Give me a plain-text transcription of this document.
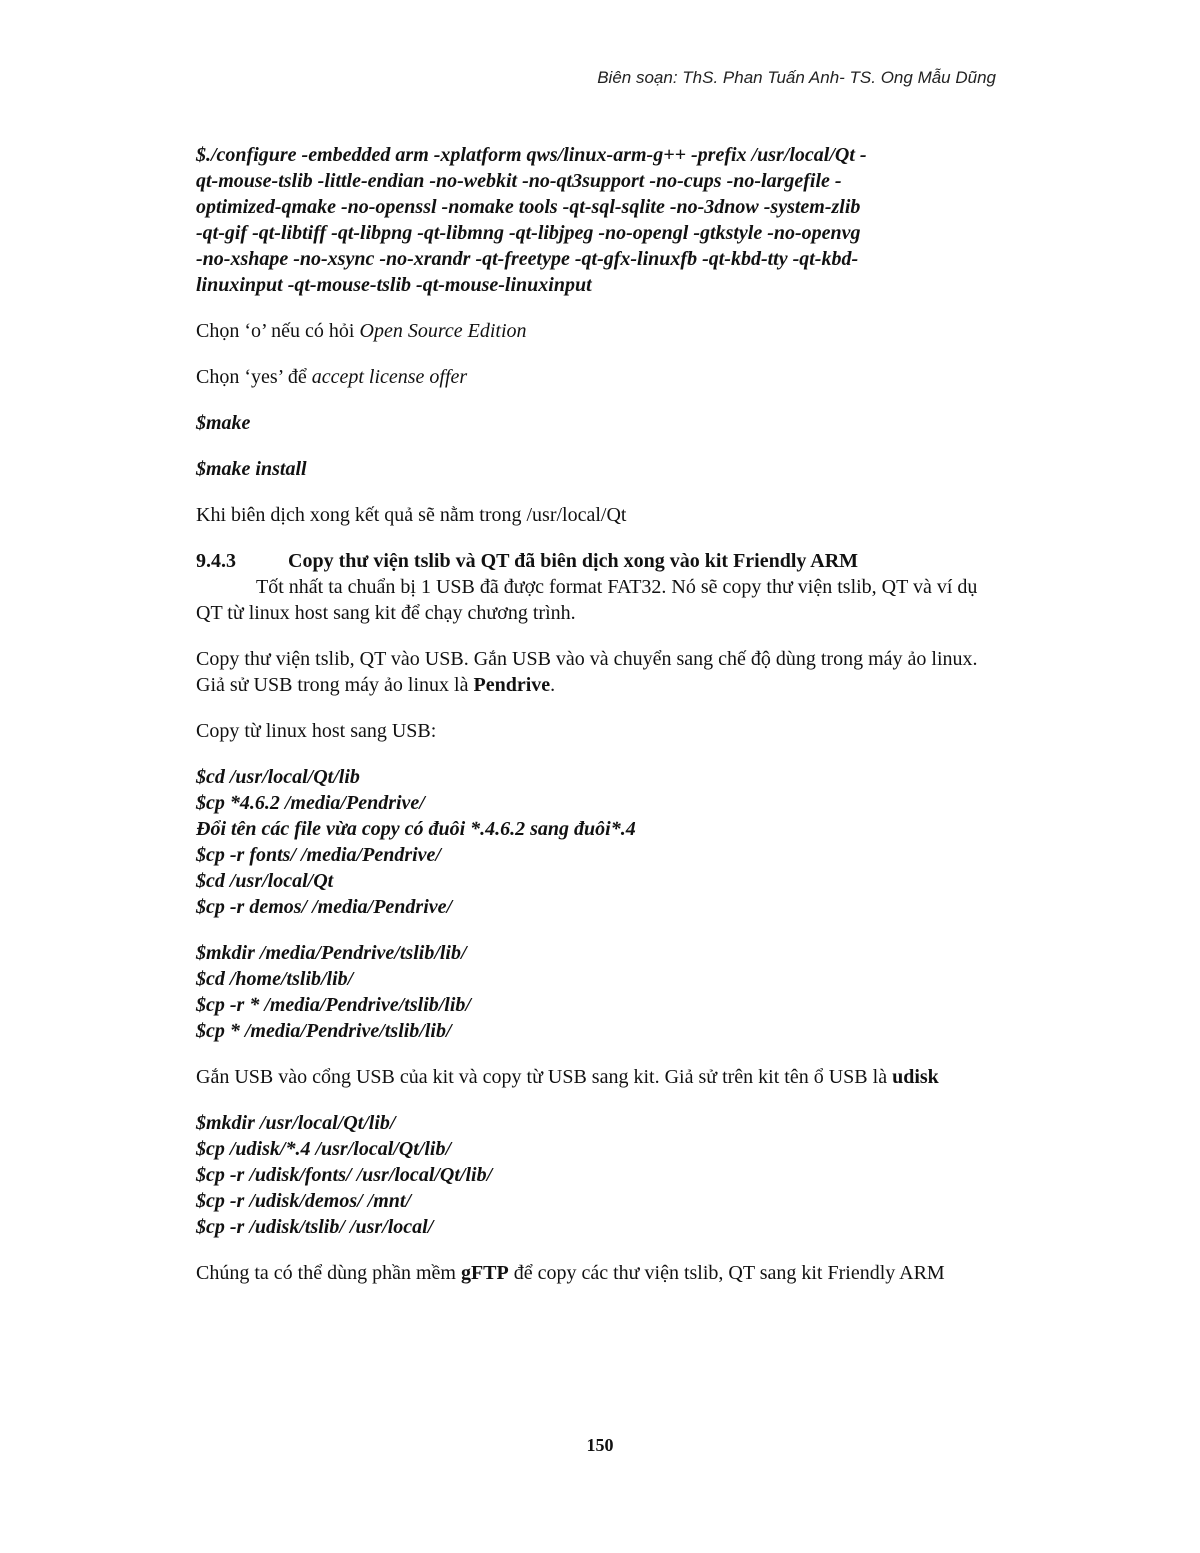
Biên soạn: ThS. Phan Tuấn Anh- TS. Ong Mẫu Dũng
$./configure -embedded arm -xplatform qws/linux-arm-g++ -prefix /usr/local/Qt -
qt-mouse-tslib -little-endian -no-webkit -no-qt3support -no-cups -no-largefile -
optimized-qmake -no-openssl -nomake tools -qt-sql-sqlite -no-3dnow -system-zlib
-qt-gif -qt-libtiff -qt-libpng -qt-libmng -qt-libjpeg -no-opengl -gtkstyle -no-openvg
-no-xshape -no-xsync -no-xrandr -qt-freetype -qt-gfx-linuxfb -qt-kbd-tty -qt-kbd-
linuxinput -qt-mouse-tslib -qt-mouse-linuxinput

Chọn ‘o’ nếu có hỏi Open Source Edition

Chọn ‘yes’ để accept license offer

$make

$make install

Khi biên dịch xong kết quả sẽ nằm trong /usr/local/Qt

9.4.3	Copy thư viện tslib và QT đã biên dịch xong vào kit Friendly ARM

Tốt nhất ta chuẩn bị 1 USB đã được format FAT32. Nó sẽ copy thư viện tslib, QT và ví dụ QT từ linux host sang kit để chạy chương trình.

Copy thư viện tslib, QT vào USB. Gắn USB vào và chuyển sang chế độ dùng trong máy ảo linux. Giả sử USB trong máy ảo linux là Pendrive.

Copy từ linux host sang USB:

$cd /usr/local/Qt/lib
$cp *4.6.2 /media/Pendrive/
Đổi tên các file vừa copy có đuôi *.4.6.2 sang đuôi*.4
$cp -r fonts/ /media/Pendrive/
$cd /usr/local/Qt
$cp -r demos/ /media/Pendrive/
$mkdir /media/Pendrive/tslib/lib/
$cd /home/tslib/lib/
$cp -r * /media/Pendrive/tslib/lib/
$cp * /media/Pendrive/tslib/lib/

Gắn USB vào cổng USB của kit và copy từ USB sang kit. Giả sử trên kit tên ổ USB là udisk

$mkdir /usr/local/Qt/lib/
$cp /udisk/*.4 /usr/local/Qt/lib/
$cp -r /udisk/fonts/ /usr/local/Qt/lib/
$cp -r /udisk/demos/ /mnt/
$cp -r /udisk/tslib/ /usr/local/

Chúng ta có thể dùng phần mềm gFTP để copy các thư viện tslib, QT sang kit Friendly ARM

150
